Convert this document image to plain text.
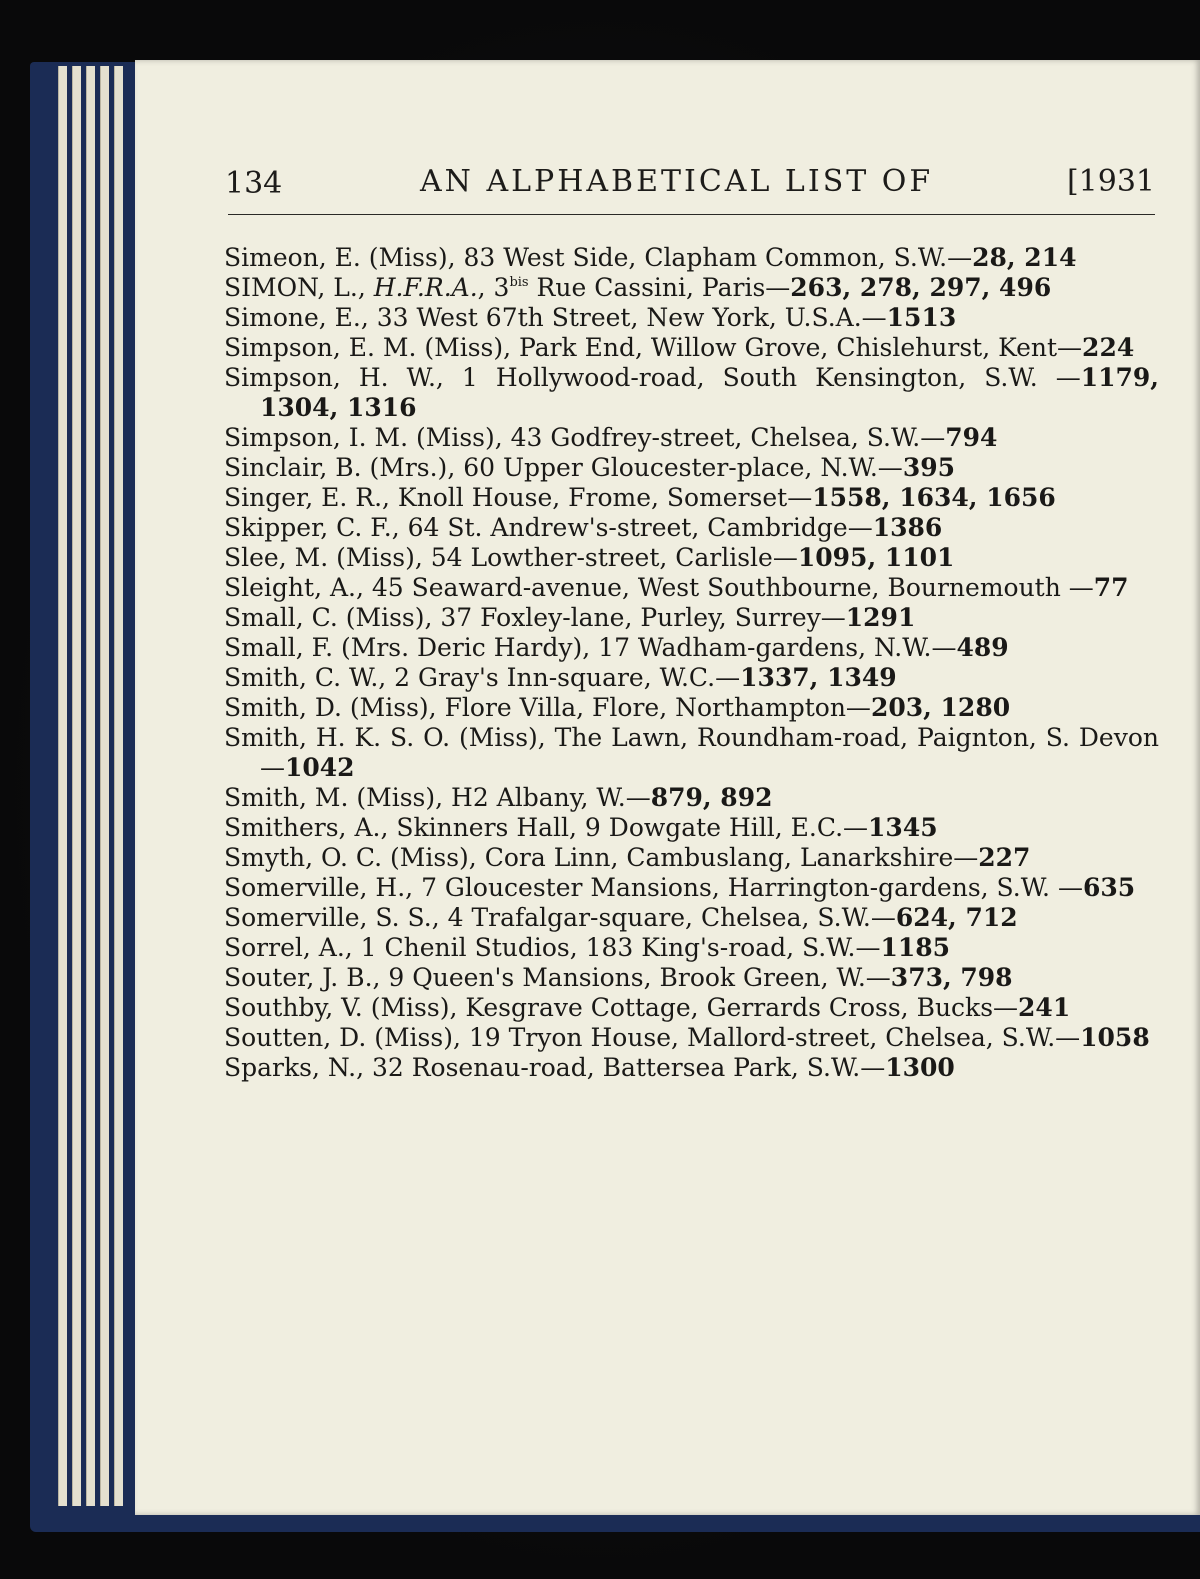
134	AN ALPHABETICAL LIST OF	[1931

Simeon, E. (Miss), 83 West Side, Clapham Common, S.W.—28, 214

SIMON, L., H.F.R.A., $3^{bis}$ Rue Cassini, Paris—263, 278, 297, 496

Simone, E., 33 West 67th Street, New York, U.S.A.—1513

Simpson, E. M. (Miss), Park End, Willow Grove, Chislehurst, Kent—224

Simpson, H. W., 1 Hollywood-road, South Kensington, S.W. —1179, 1304, 1316

Simpson, I. M. (Miss), 43 Godfrey-street, Chelsea, S.W.—794

Sinclair, B. (Mrs.), 60 Upper Gloucester-place, N.W.—395

Singer, E. R., Knoll House, Frome, Somerset—1558, 1634, 1656

Skipper, C. F., 64 St. Andrew's-street, Cambridge—1386

Slee, M. (Miss), 54 Lowther-street, Carlisle—1095, 1101

Sleight, A., 45 Seaward-avenue, West Southbourne, Bournemouth —77

Small, C. (Miss), 37 Foxley-lane, Purley, Surrey—1291

Small, F. (Mrs. Deric Hardy), 17 Wadham-gardens, N.W.—489

Smith, C. W., 2 Gray's Inn-square, W.C.—1337, 1349

Smith, D. (Miss), Flore Villa, Flore, Northampton—203, 1280

Smith, H. K. S. O. (Miss), The Lawn, Roundham-road, Paignton, S. Devon—1042

Smith, M. (Miss), H2 Albany, W.—879, 892

Smithers, A., Skinners Hall, 9 Dowgate Hill, E.C.—1345

Smyth, O. C. (Miss), Cora Linn, Cambuslang, Lanarkshire—227

Somerville, H., 7 Gloucester Mansions, Harrington-gardens, S.W. —635

Somerville, S. S., 4 Trafalgar-square, Chelsea, S.W.—624, 712

Sorrel, A., 1 Chenil Studios, 183 King's-road, S.W.—1185

Souter, J. B., 9 Queen's Mansions, Brook Green, W.—373, 798

Southby, V. (Miss), Kesgrave Cottage, Gerrards Cross, Bucks—241

Soutten, D. (Miss), 19 Tryon House, Mallord-street, Chelsea, S.W.—1058

Sparks, N., 32 Rosenau-road, Battersea Park, S.W.—1300
